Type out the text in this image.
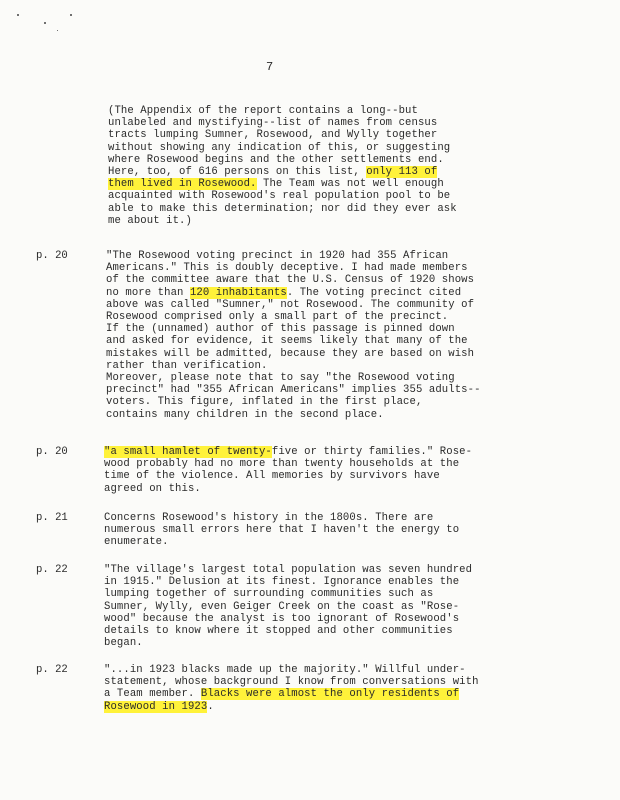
7
(The Appendix of the report contains a long--but
unlabeled and mystifying--list of names from census
tracts lumping Sumner, Rosewood, and Wylly together
without showing any indication of this, or suggesting
where Rosewood begins and the other settlements end.
Here, too, of 616 persons on this list, only 113 of
them lived in Rosewood. The Team was not well enough
acquainted with Rosewood's real population pool to be
able to make this determination; nor did they ever ask
me about it.)
p. 20	"The Rosewood voting precinct in 1920 had 355 African
Americans." This is doubly deceptive. I had made members
of the committee aware that the U.S. Census of 1920 shows
no more than 120 inhabitants. The voting precinct cited
above was called "Sumner," not Rosewood. The community of
Rosewood comprised only a small part of the precinct.
If the (unnamed) author of this passage is pinned down
and asked for evidence, it seems likely that many of the
mistakes will be admitted, because they are based on wish
rather than verification.
Moreover, please note that to say "the Rosewood voting
precinct" had "355 African Americans" implies 355 adults--
voters. This figure, inflated in the first place,
contains many children in the second place.
p. 20	"a small hamlet of twenty-five or thirty families." Rose-
wood probably had no more than twenty households at the
time of the violence. All memories by survivors have
agreed on this.
p. 21	Concerns Rosewood's history in the 1800s. There are
numerous small errors here that I haven't the energy to
enumerate.
p. 22	"The village's largest total population was seven hundred
in 1915." Delusion at its finest. Ignorance enables the
lumping together of surrounding communities such as
Sumner, Wylly, even Geiger Creek on the coast as "Rose-
wood" because the analyst is too ignorant of Rosewood's
details to know where it stopped and other communities
began.
p. 22	"...in 1923 blacks made up the majority." Willful under-
statement, whose background I know from conversations with
a Team member. Blacks were almost the only residents of
Rosewood in 1923.
